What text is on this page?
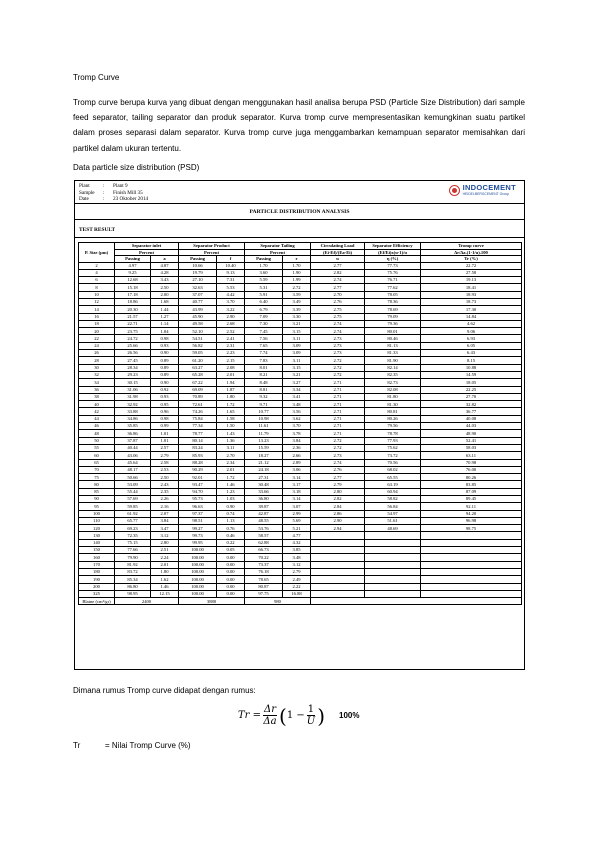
Tromp Curve
Tromp curve berupa kurva yang dibuat dengan menggunakan hasil analisa berupa PSD (Particle Size Distribution) dari sample feed separator, tailing separator dan produk separator. Kurva tromp curve mempresentasikan kemungkinan suatu partikel dalam proses separasi dalam separator. Kurva tromp curve juga menggambarkan kemampuan separator memisahkan dari partikel dalam ukuran tertentu.
Data particle size distribution (PSD)
Plant	:	Plant 9
Sample	:	Finish Mill 35
Date	:	23 Oktober 2014
INDOCEMENT
HEIDELBERGCEMENT Group
PARTICLE DISTRIBUTION ANALYSIS
TEST RESULT
P. Size (µm)	Separator inlet		Separator Product		Separator Tailing		Circulating Load	Separator Efficiency	Tromp curve
	Percent		Percent		Percent		(Ei-Ef)/(Ea-Ei)	(Ef/Ei)x(u-1)/u	Δr/Δa.(1-1/u).100
	Passing	a	Passing	f	Passing	r	u	η (%)	Tr (%)
2	4.97	4.87	10.66	10.40	1.70	1.70	2.77	77.73	22.72
4	9.25	4.28	19.79	9.13	3.60	1.90	2.82	75.76	27.58
6	12.68	3.43	27.10	7.31	5.59	1.99	2.74	76.71	19.13
8	15.18	2.50	32.63	5.53	5.31	2.72	2.77	77.62	18.41
10	17.18	2.00	37.07	4.42	5.91	3.59	2.70	78.05	18.93
12	18.86	1.68	40.77	3.70	6.40	3.49	2.76	78.36	18.73
14	20.30	1.44	43.99	3.22	6.79	3.39	2.75	78.69	17.30
16	21.57	1.27	45.90	2.90	7.09	3.30	2.75	79.09	14.84
18	22.71	1.14	49.58	2.68	7.30	3.21	2.74	79.36	4.62
20	23.75	1.04	52.10	2.52	7.45	3.15	2.74	80.01	9.06
22	24.72	0.98	54.51	2.41	7.56	3.11	2.73	80.46	6.93
24	25.66	0.93	56.82	2.31	7.65	3.09	2.73	81.13	6.05
26	26.56	0.90	59.05	2.23	7.74	3.09	2.73	81.33	6.43
28	27.45	0.89	61.20	2.15	7.83	3.11	2.72	81.90	8.15
30	28.34	0.89	63.27	2.08	8.01	3.15	2.72	82.14	10.88
32	29.23	0.89	65.28	2.01	8.21	3.21	2.72	82.35	14.59
34	30.15	0.90	67.22	1.94	8.48	3.27	2.71	82.73	18.05
36	31.06	0.92	69.09	1.87	8.81	3.34	2.71	82.08	22.25
38	31.98	0.93	70.89	1.80	9.32	3.41	2.71	81.80	27.70
40	32.92	0.95	72.61	1.72	9.71	3.48	2.71	81.30	32.82
42	33.88	0.96	74.26	1.65	10.77	3.56	2.71	80.81	36.77
44	34.86	0.98	75.84	1.58	10.98	3.62	2.71	80.26	40.08
46	35.85	0.99	77.34	1.50	11.61	3.70	2.71	79.56	44.03
48	36.86	1.01	78.77	1.43	11.79	3.78	2.71	78.78	48.90
50	37.87	1.01	80.14	1.36	13.23	3.84	2.72	77.93	52.41
55	40.44	2.57	83.24	3.11	15.59	2.36	2.72	75.62	58.03
60	43.06	2.79	85.93	2.70	18.27	2.66	2.73	73.72	63.11
65	45.64	2.58	88.28	2.34	21.12	2.89	2.74	70.56	70.98
70	48.17	2.53	90.29	2.01	24.18	3.06	2.76	68.02	76.00
75	50.66	2.50	92.01	1.72	27.31	3.14	2.77	65.55	80.26
80	53.09	2.43	93.47	1.46	30.48	3.17	2.79	63.19	83.85
85	55.44	2.35	94.70	1.23	33.66	3.18	2.80	60.94	87.09
90	57.69	2.26	95.73	1.03	36.80	3.14	2.82	58.82	89.45
95	59.85	2.16	96.63	0.90	39.87	3.07	2.84	56.84	92.11
100	61.92	2.07	97.37	0.74	42.87	2.99	2.86	54.97	94.20
110	65.77	3.84	98.51	1.13	48.55	5.69	2.90	51.61	96.98
120	69.23	3.47	99.27	0.76	53.76	5.21	2.94	48.69	98.75
130	72.35	3.12	99.73	0.46	58.57	4.77			
140	75.15	2.80	99.95	0.22	62.88	4.32			
150	77.66	2.51	100.00	0.05	66.73	3.85			
160	79.90	2.24	100.00	0.00	70.22	3.48			
170	81.92	2.01	100.00	0.00	73.37	3.12			
180	83.72	1.80	100.00	0.00	76.18	2.79			
190	85.34	1.62	100.00	0.00	78.65	2.49			
200	86.80	1.46	100.00	0.00	80.87	2.22			
325	98.95	12.15	100.00	0.00	97.75	16.88			
Blaine (cm²/gr)	2400		3880		980				
Dimana rumus Tromp curve didapat dengan rumus:
$Tr = \frac{\Delta r}{\Delta a}$ ( $1 - \frac{1}{U}$ ) 100%
Tr	= Nilai Tromp Curve (%)
